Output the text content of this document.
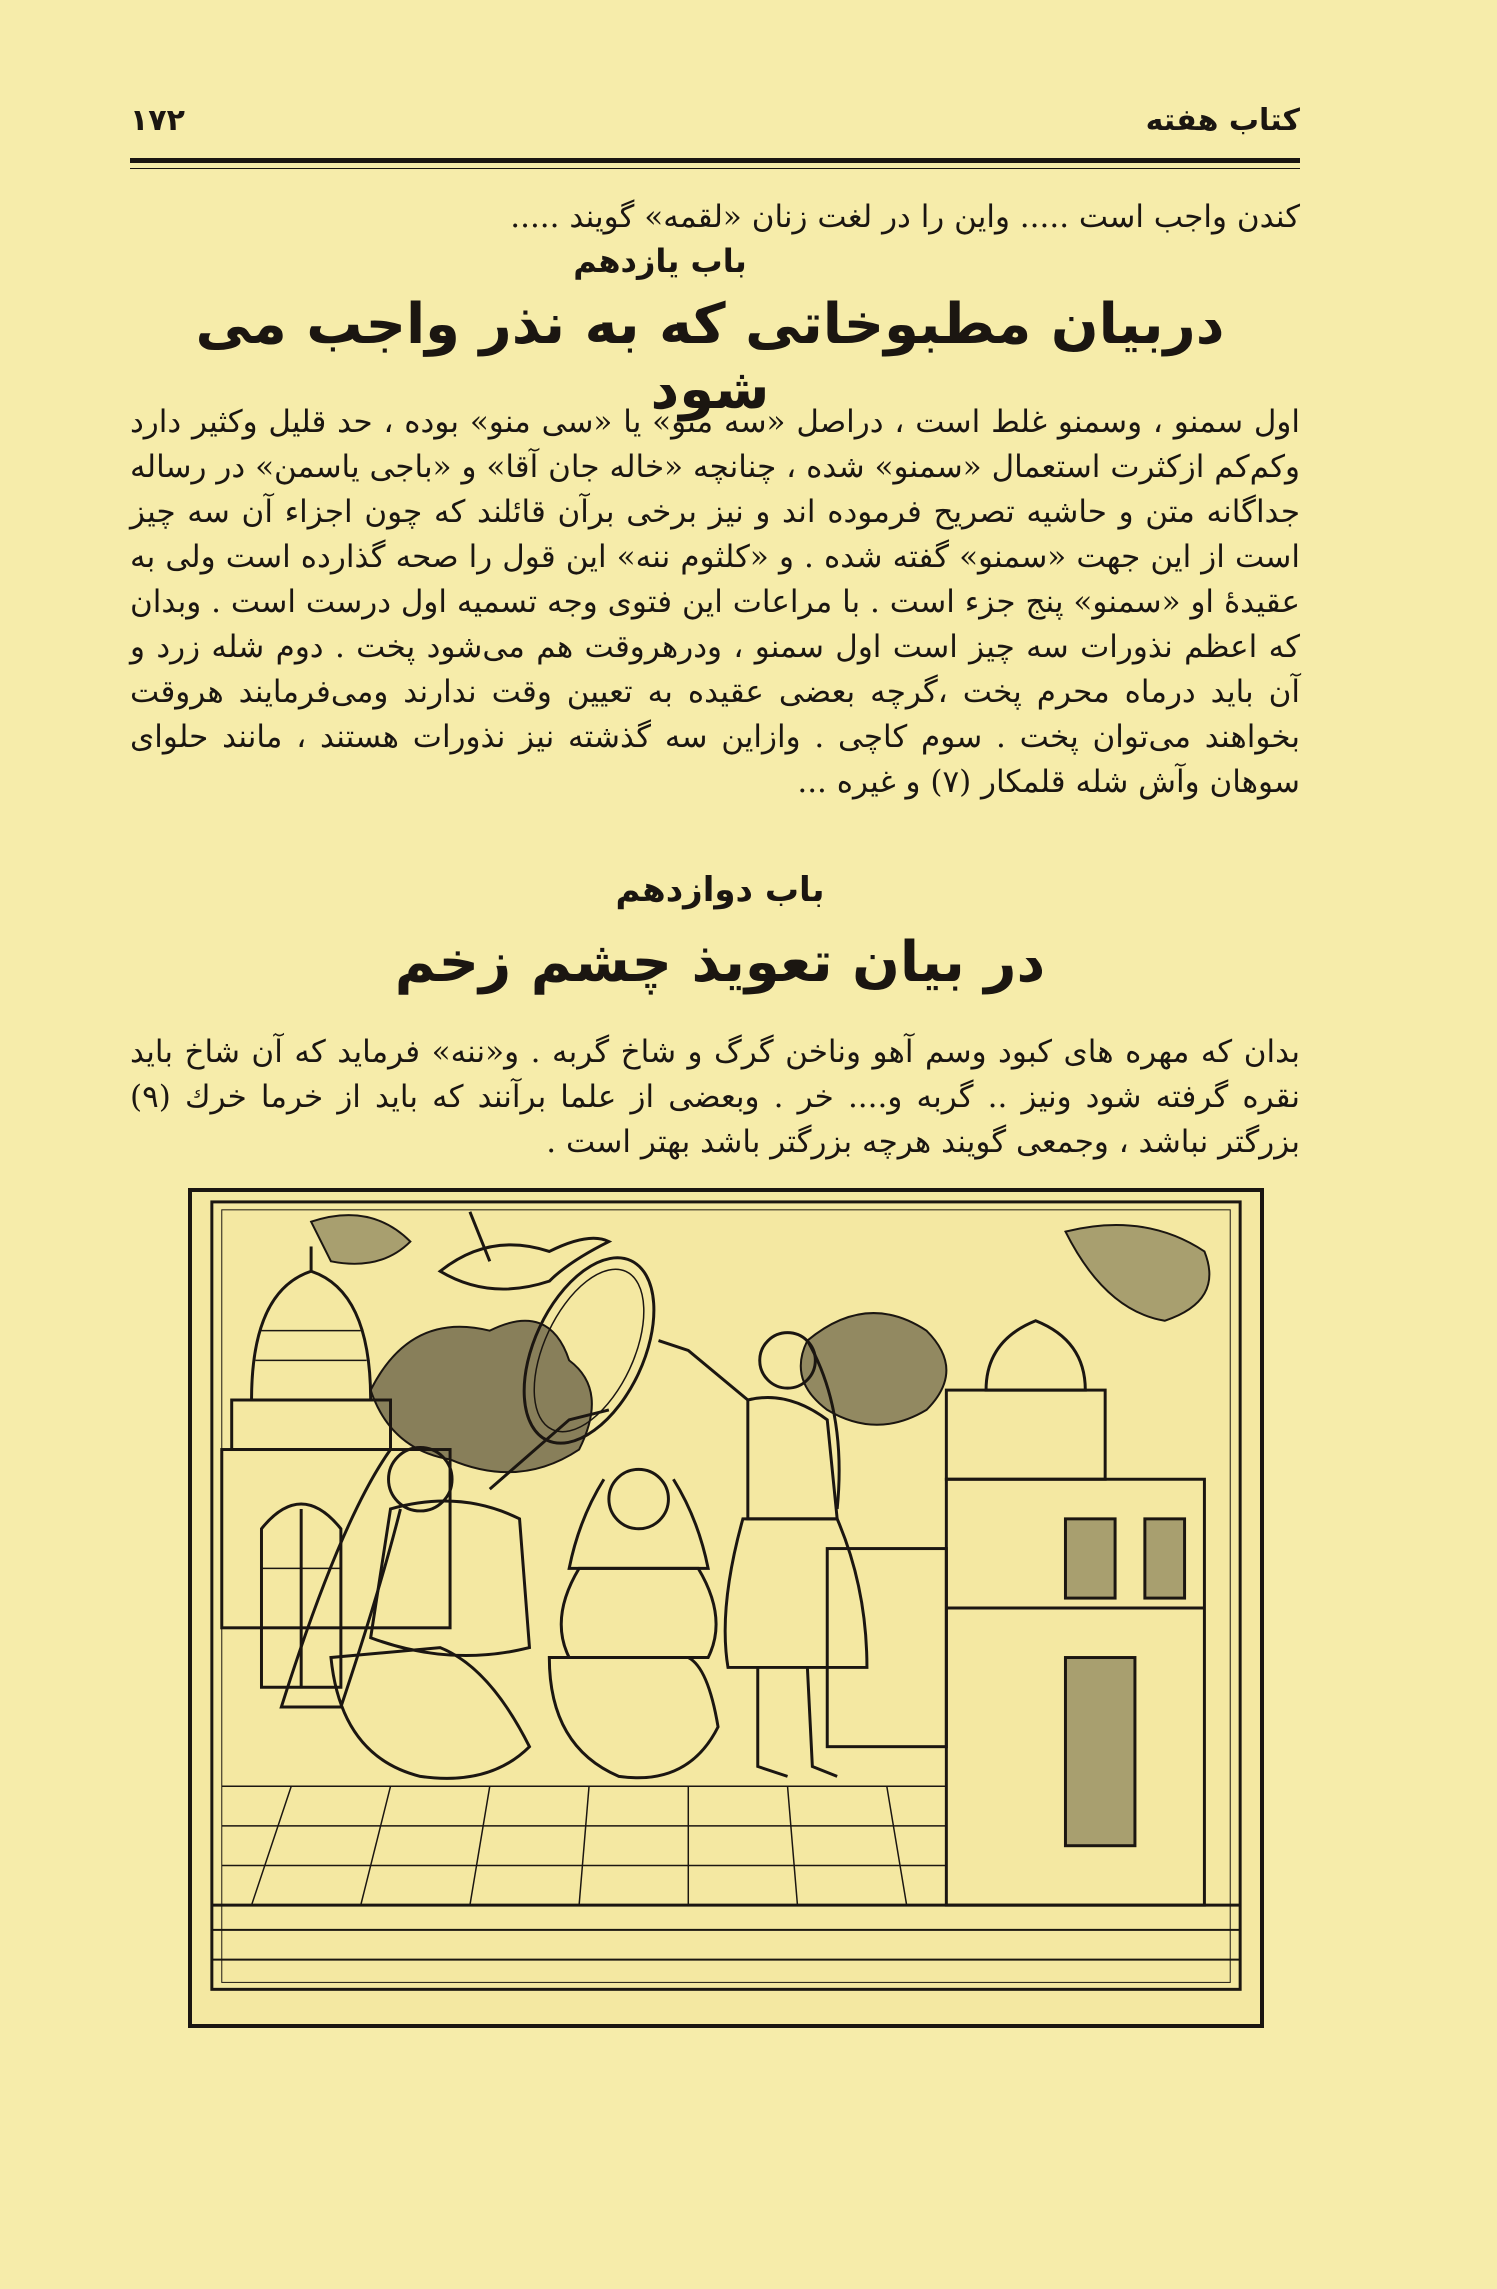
کتاب هفته
۱۷۲
کندن واجب است ..... واین را در لغت زنان «لقمه» گویند .....
باب یازدهم
دربیان مطبوخاتی که به نذر واجب می شود
اول سمنو ، وسمنو غلط است ، دراصل «سه منو» یا «سی منو» بوده ، حد قلیل وکثیر دارد وکم‌کم ازکثرت استعمال «سمنو» شده ، چنانچه «خاله جان آقا» و «باجی یاسمن» در رساله جداگانه متن و حاشیه تصریح فرموده اند و نیز برخی برآن قائلند که چون اجزاء آن سه چیز است از این جهت «سمنو» گفته شده . و «کلثوم ننه» این قول را صحه گذارده است ولی به عقیدهٔ او «سمنو» پنج جزء است . با مراعات این فتوی وجه تسمیه اول درست است . وبدان که اعظم نذورات سه چیز است اول سمنو ، ودرهروقت هم می‌شود پخت . دوم شله زرد و آن باید درماه محرم پخت ،گرچه بعضی عقیده به تعیین وقت ندارند ومی‌فرمایند هروقت بخواهند می‌توان پخت . سوم کاچی . وازاین سه گذشته نیز نذورات هستند ، مانند حلوای سوهان وآش شله قلمکار (۷) و غیره ...
باب دوازدهم
در بیان تعویذ چشم زخم
بدان که مهره های کبود وسم آهو وناخن گرگ و شاخ گربه . و«ننه» فرماید که آن شاخ باید نقره گرفته شود ونیز .. گربه و.... خر . وبعضی از علما برآنند که باید از خرما خرك (۹) بزرگتر نباشد ، وجمعی گویند هرچه بزرگتر باشد بهتر است .
